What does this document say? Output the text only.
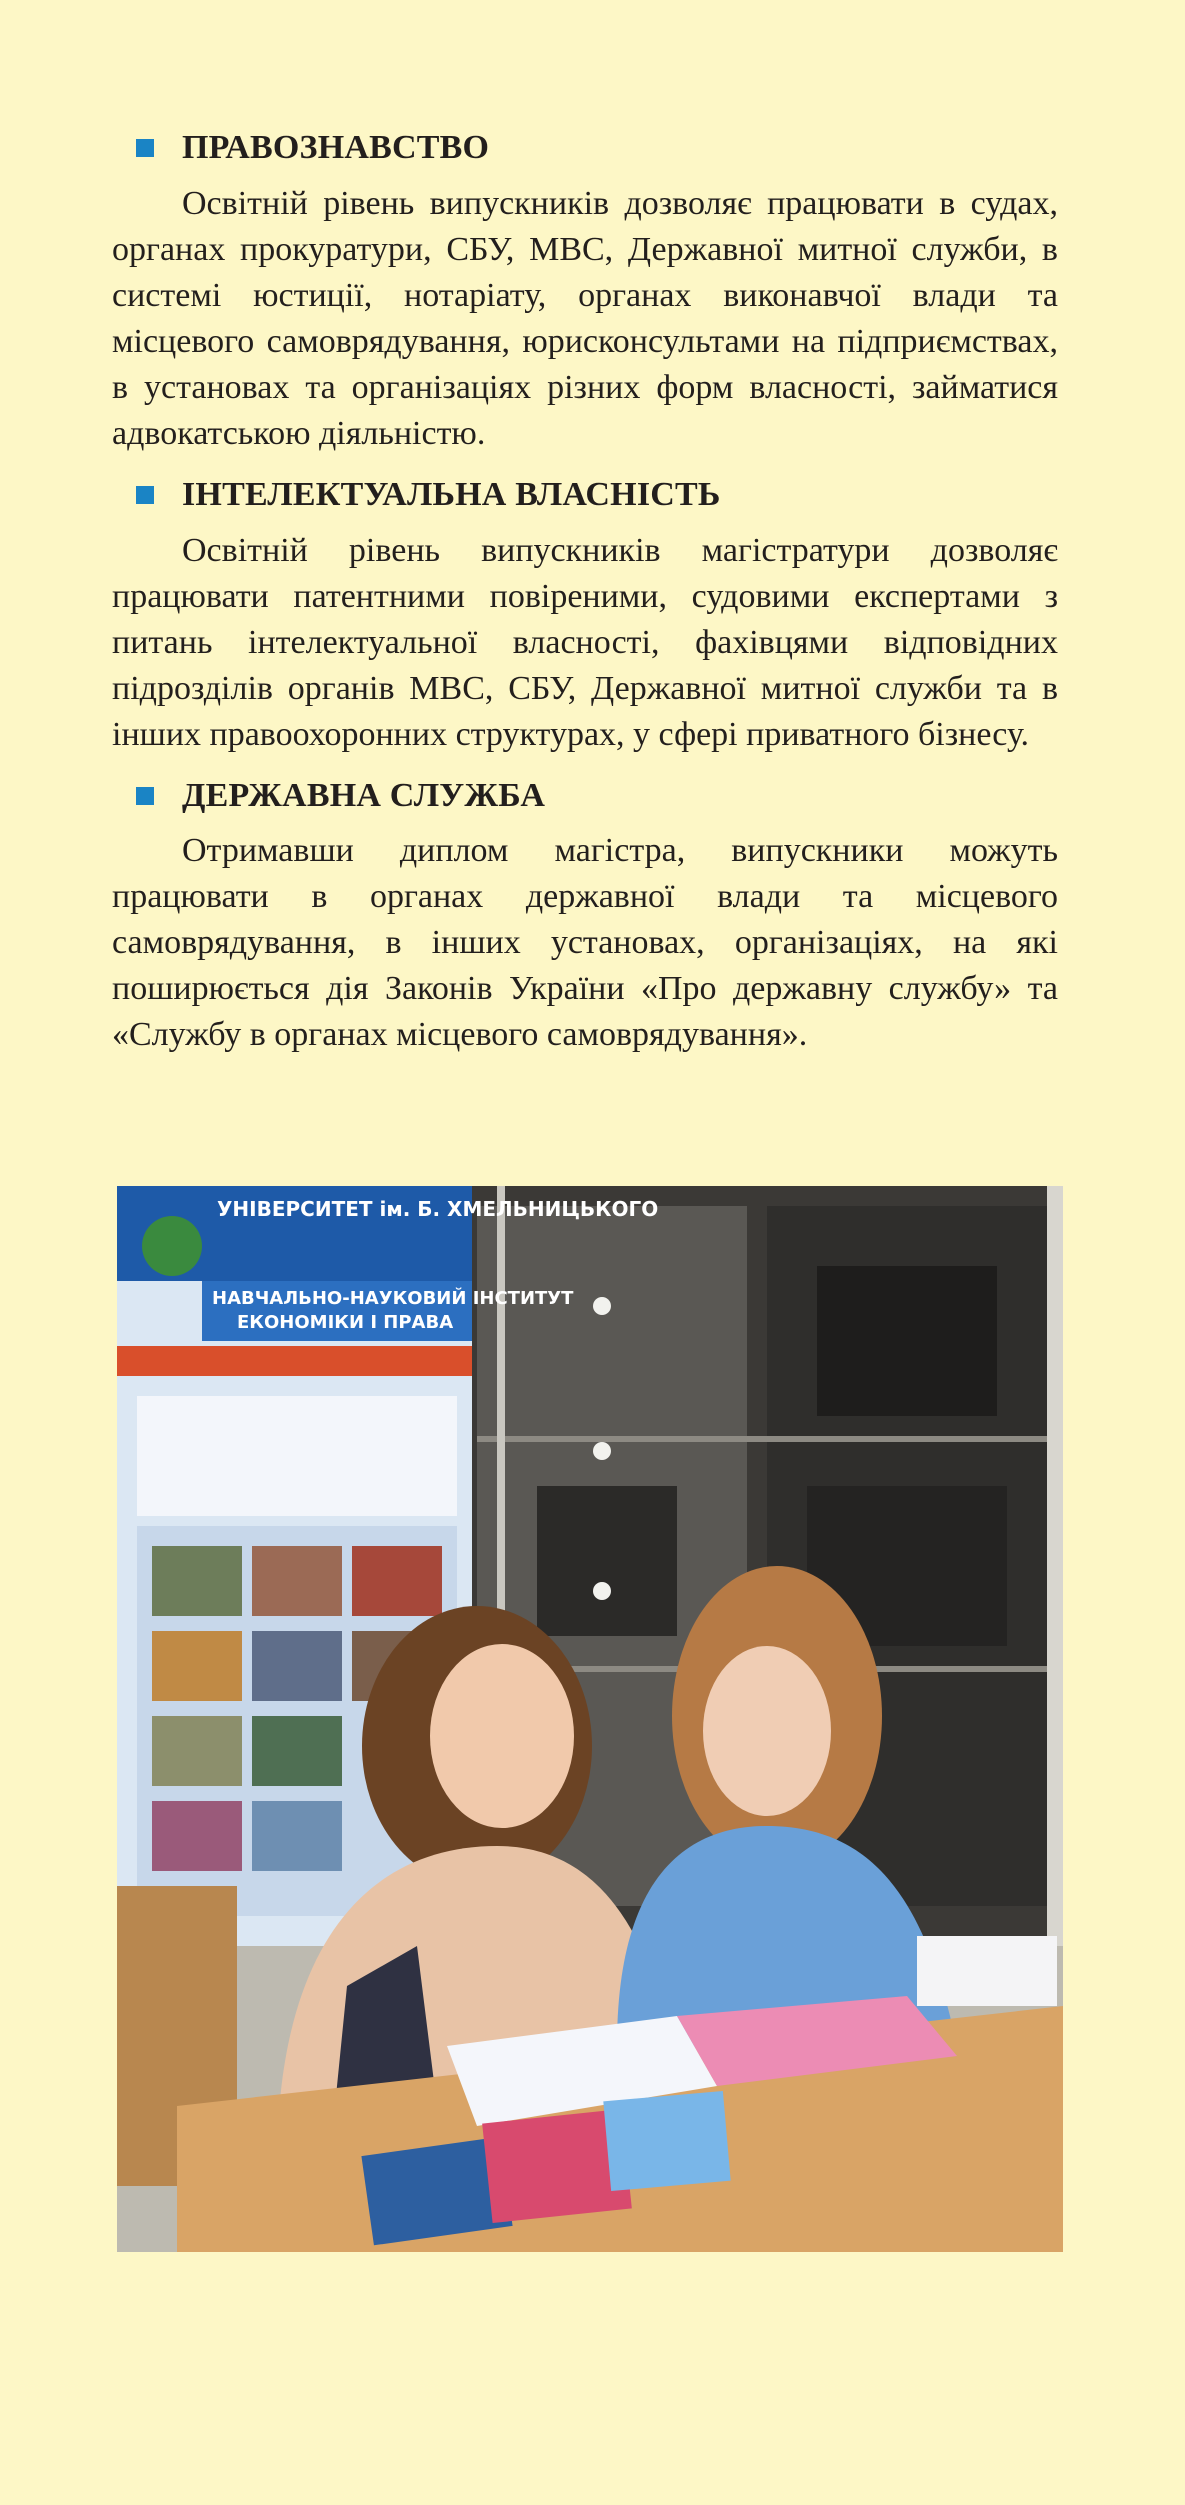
ПРАВОЗНАВСТВО

Освітній рівень випускників дозволяє працювати в судах, органах прокуратури, СБУ, МВС, Державної митної служби, в системі юстиції, нотаріату, органах виконавчої влади та місцевого самоврядування, юрисконсультами на підприємствах, в установах та організаціях різних форм власності, займатися адвокатською діяльністю.

ІНТЕЛЕКТУАЛЬНА ВЛАСНІСТЬ

Освітній рівень випускників магістратури дозволяє працювати патентними повіреними, судовими експертами з питань інтелектуальної власності, фахівцями відповідних підрозділів органів МВС, СБУ, Державної митної служби та в інших правоохоронних структурах, у сфері приватного бізнесу.

ДЕРЖАВНА СЛУЖБА

Отримавши диплом магістра, випускники можуть працювати в органах державної влади та місцевого самоврядування, в інших установах, організаціях, на які поширюється дія Законів України «Про державну службу» та «Службу в органах місцевого самоврядування».

УНІВЕРСИТЕТ ім. Б. ХМЕЛЬНИЦЬКОГО
НАВЧАЛЬНО-НАУКОВИЙ ІНСТИТУТ
ЕКОНОМІКИ І ПРАВА
